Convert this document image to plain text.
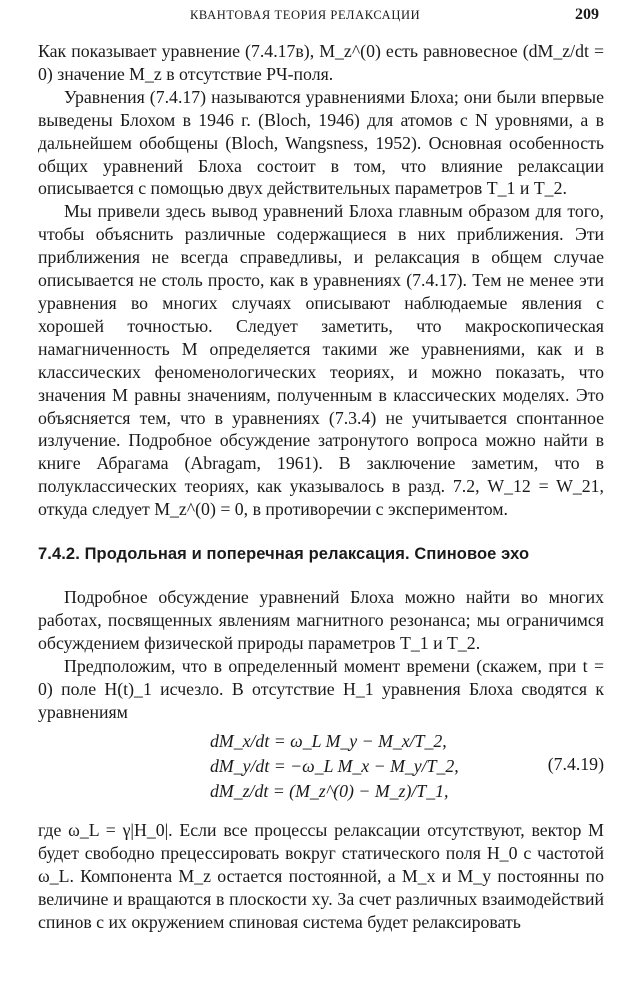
КВАНТОВАЯ ТЕОРИЯ РЕЛАКСАЦИИ	209

Как показывает уравнение (7.4.17в), M_z^(0) есть равновесное (dM_z/dt = 0) значение M_z в отсутствие РЧ-поля.

Уравнения (7.4.17) называются уравнениями Блоха; они были впервые выведены Блохом в 1946 г. (Bloch, 1946) для атомов с N уровнями, а в дальнейшем обобщены (Bloch, Wangsness, 1952). Основная особенность общих уравнений Блоха состоит в том, что влияние релаксации описывается с помощью двух действительных параметров T_1 и T_2.

Мы привели здесь вывод уравнений Блоха главным образом для того, чтобы объяснить различные содержащиеся в них приближения. Эти приближения не всегда справедливы, и релаксация в общем случае описывается не столь просто, как в уравнениях (7.4.17). Тем не менее эти уравнения во многих случаях описывают наблюдаемые явления с хорошей точностью. Следует заметить, что макроскопическая намагниченность M определяется такими же уравнениями, как и в классических феноменологических теориях, и можно показать, что значения M равны значениям, полученным в классических моделях. Это объясняется тем, что в уравнениях (7.3.4) не учитывается спонтанное излучение. Подробное обсуждение затронутого вопроса можно найти в книге Абрагама (Abragam, 1961). В заключение заметим, что в полуклассических теориях, как указывалось в разд. 7.2, W_12 = W_21, откуда следует M_z^(0) = 0, в противоречии с экспериментом.

7.4.2. Продольная и поперечная релаксация. Спиновое эхо

Подробное обсуждение уравнений Блоха можно найти во многих работах, посвященных явлениям магнитного резонанса; мы ограничимся обсуждением физической природы параметров T_1 и T_2.

Предположим, что в определенный момент времени (скажем, при t = 0) поле H(t)_1 исчезло. В отсутствие H_1 уравнения Блоха сводятся к уравнениям

dM_x/dt = ω_L M_y − M_x/T_2,
dM_y/dt = −ω_L M_x − M_y/T_2,
dM_z/dt = (M_z^(0) − M_z)/T_1,
(7.4.19)

где ω_L = γ|H_0|. Если все процессы релаксации отсутствуют, вектор M будет свободно прецессировать вокруг статического поля H_0 с частотой ω_L. Компонента M_z остается постоянной, а M_x и M_y постоянны по величине и вращаются в плоскости xy. За счет различных взаимодействий спинов с их окружением спиновая система будет релаксировать
